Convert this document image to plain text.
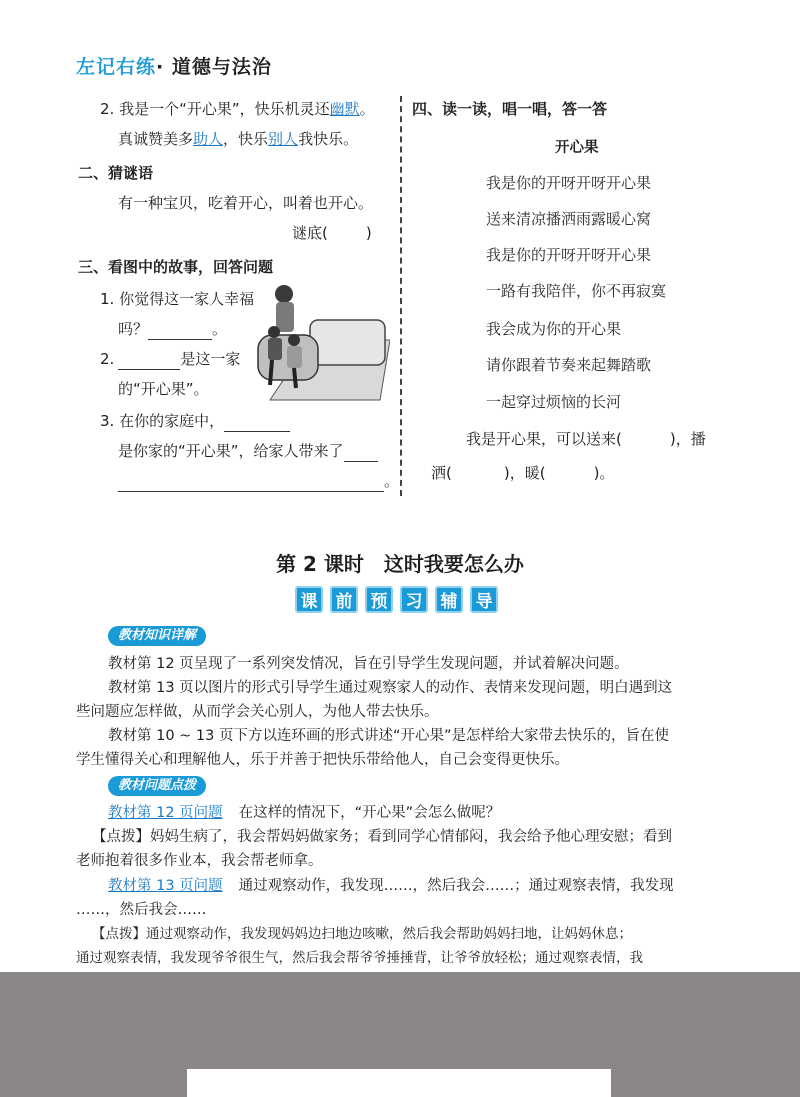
左记右练· 道德与法治
2. 我是一个“开心果”，快乐机灵还幽默。
真诚赞美多助人，快乐别人我快乐。
二、猜谜语
有一种宝贝，吃着开心，叫着也开心。
谜底(	)
三、看图中的故事，回答问题
1. 你觉得这一家人幸福
吗？	。
2.	是这一家
的“开心果”。
3. 在你的家庭中，
是你家的“开心果”，给家人带来了
。
四、读一读，唱一唱，答一答
开心果
我是你的开呀开呀开心果
送来清凉播洒雨露暖心窝
我是你的开呀开呀开心果
一路有我陪伴，你不再寂寞
我会成为你的开心果
请你跟着节奏来起舞踏歌
一起穿过烦恼的长河
我是开心果，可以送来(	)，播
洒(	)，暖(	)。
第 2 课时　这时我要怎么办
课	前	预	习	辅	导
教材知识详解
教材第 12 页呈现了一系列突发情况，旨在引导学生发现问题，并试着解决问题。
教材第 13 页以图片的形式引导学生通过观察家人的动作、表情来发现问题，明白遇到这
些问题应怎样做，从而学会关心别人，为他人带去快乐。
教材第 10 ~ 13 页下方以连环画的形式讲述“开心果”是怎样给大家带去快乐的，旨在使
学生懂得关心和理解他人，乐于并善于把快乐带给他人，自己会变得更快乐。
教材问题点拨
教材第 12 页问题 在这样的情况下，“开心果”会怎么做呢？
【点拨】妈妈生病了，我会帮妈妈做家务；看到同学心情郁闷，我会给予他心理安慰；看到
老师抱着很多作业本，我会帮老师拿。
教材第 13 页问题 通过观察动作，我发现……，然后我会……；通过观察表情，我发现
……，然后我会……
【点拨】通过观察动作，我发现妈妈边扫地边咳嗽，然后我会帮助妈妈扫地，让妈妈休息；
通过观察表情，我发现爷爷很生气，然后我会帮爷爷捶捶背，让爷爷放轻松；通过观察表情，我
